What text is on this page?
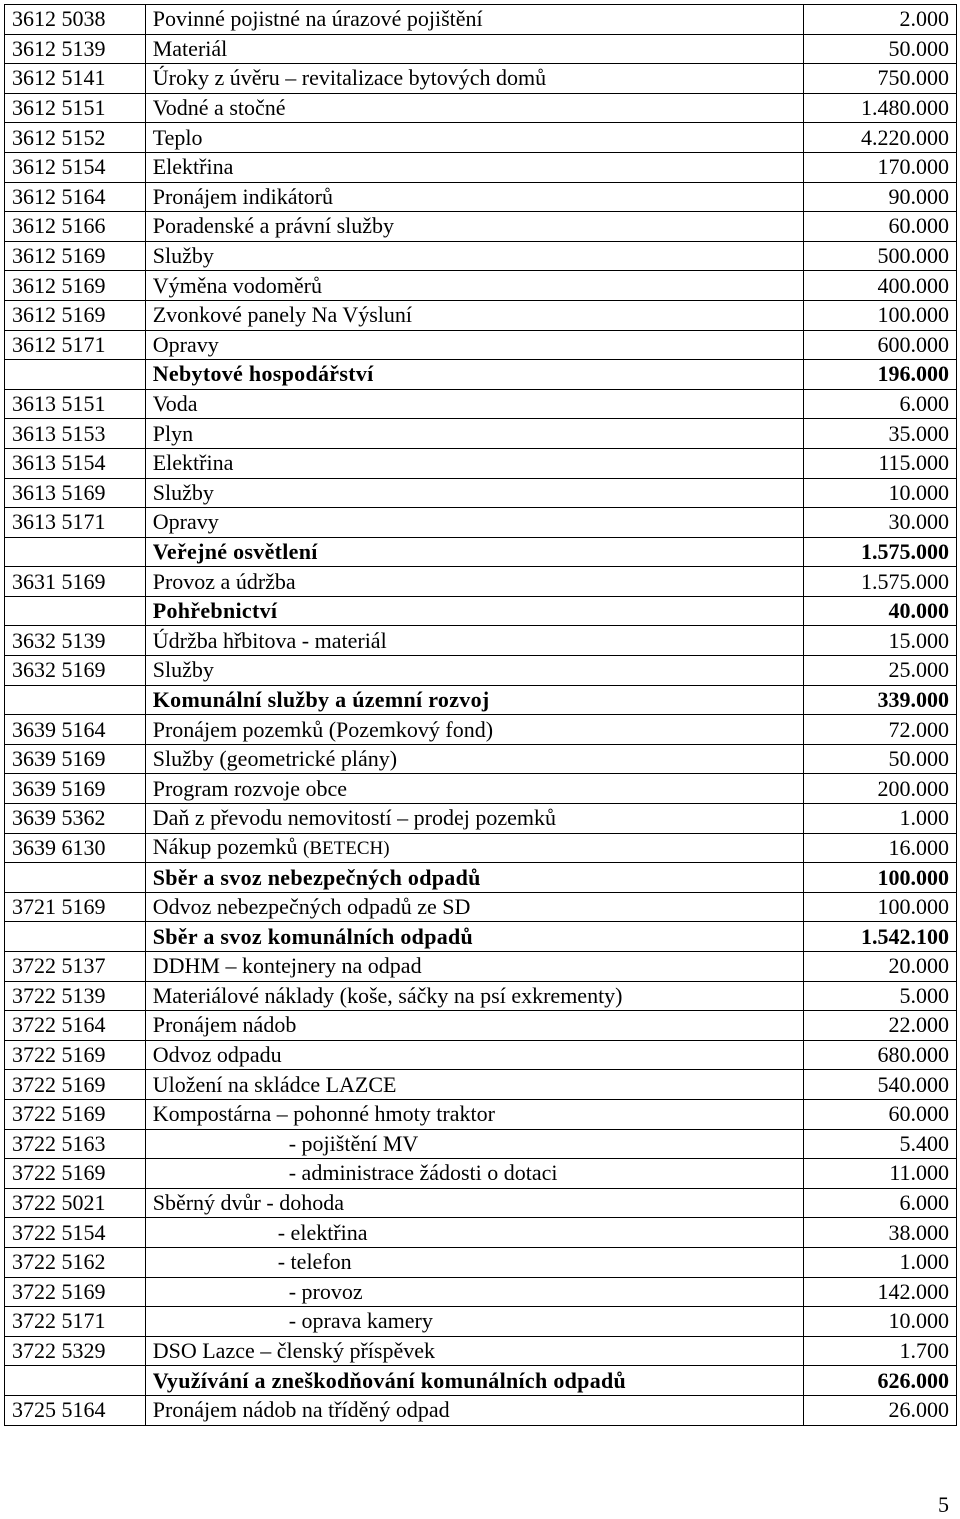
3612 5038	Povinné pojistné na úrazové pojištění	2.000
3612 5139	Materiál	50.000
3612 5141	Úroky z úvěru – revitalizace bytových domů	750.000
3612 5151	Vodné a stočné	1.480.000
3612 5152	Teplo	4.220.000
3612 5154	Elektřina	170.000
3612 5164	Pronájem indikátorů	90.000
3612 5166	Poradenské a právní služby	60.000
3612 5169	Služby	500.000
3612 5169	Výměna vodoměrů	400.000
3612 5169	Zvonkové panely Na Výsluní	100.000
3612 5171	Opravy	600.000
	Nebytové hospodářství	196.000
3613 5151	Voda	6.000
3613 5153	Plyn	35.000
3613 5154	Elektřina	115.000
3613 5169	Služby	10.000
3613 5171	Opravy	30.000
	Veřejné osvětlení	1.575.000
3631 5169	Provoz a údržba	1.575.000
	Pohřebnictví	40.000
3632 5139	Údržba hřbitova - materiál	15.000
3632 5169	Služby	25.000
	Komunální služby a územní rozvoj	339.000
3639 5164	Pronájem pozemků (Pozemkový fond)	72.000
3639 5169	Služby (geometrické plány)	50.000
3639 5169	Program rozvoje obce	200.000
3639 5362	Daň z převodu nemovitostí – prodej pozemků	1.000
3639 6130	Nákup pozemků (BETECH)	16.000
	Sběr a svoz nebezpečných odpadů	100.000
3721 5169	Odvoz nebezpečných odpadů ze SD	100.000
	Sběr a svoz komunálních odpadů	1.542.100
3722 5137	DDHM – kontejnery na odpad	20.000
3722 5139	Materiálové náklady (koše, sáčky na psí exkrementy)	5.000
3722 5164	Pronájem nádob	22.000
3722 5169	Odvoz odpadu	680.000
3722 5169	Uložení na skládce LAZCE	540.000
3722 5169	Kompostárna – pohonné hmoty traktor	60.000
3722 5163	- pojištění MV	5.400
3722 5169	- administrace žádosti o dotaci	11.000
3722 5021	Sběrný dvůr - dohoda	6.000
3722 5154	- elektřina	38.000
3722 5162	- telefon	1.000
3722 5169	- provoz	142.000
3722 5171	- oprava kamery	10.000
3722 5329	DSO Lazce – členský příspěvek	1.700
	Využívání a zneškodňování komunálních odpadů	626.000
3725 5164	Pronájem nádob na tříděný odpad	26.000
5
